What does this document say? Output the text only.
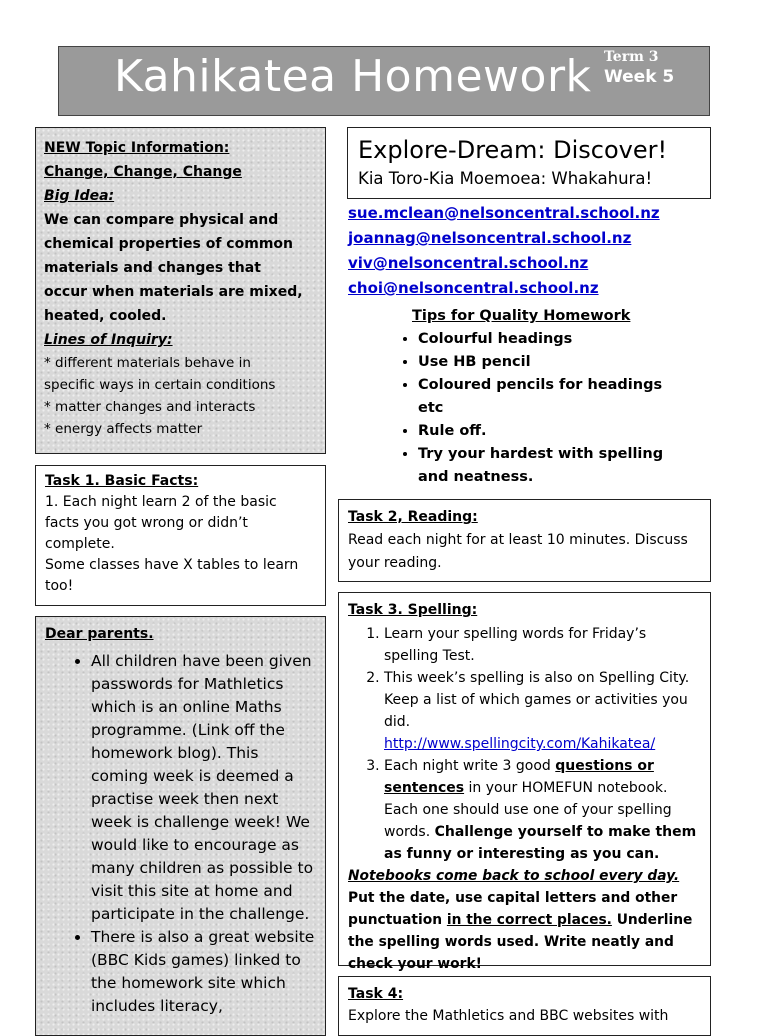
Kahikatea Homework Term 3
Week 5
NEW Topic Information:
Change, Change, Change
Big Idea:
We can compare physical and
chemical properties of common
materials and changes that
occur when materials are mixed,
heated, cooled.
Lines of Inquiry:
* different materials behave in
specific ways in certain conditions
* matter changes and interacts
* energy affects matter
Task 1. Basic Facts:
1. Each night learn 2 of the basic
facts you got wrong or didn’t
complete.
Some classes have X tables to learn
too!
Dear parents.
• All children have been given passwords for Mathletics which is an online Maths programme. (Link off the homework blog). This coming week is deemed a practise week then next week is challenge week! We would like to encourage as many children as possible to visit this site at home and participate in the challenge.
• There is also a great website (BBC Kids games) linked to the homework site which includes literacy,
Explore-Dream: Discover!
Kia Toro-Kia Moemoea: Whakahura!
sue.mclean@nelsoncentral.school.nz
joannag@nelsoncentral.school.nz
viv@nelsoncentral.school.nz
choi@nelsoncentral.school.nz
Tips for Quality Homework
• Colourful headings
• Use HB pencil
• Coloured pencils for headings etc
• Rule off.
• Try your hardest with spelling and neatness.
Task 2, Reading:
Read each night for at least 10 minutes. Discuss your reading.
Task 3. Spelling:
1. Learn your spelling words for Friday’s spelling Test.
2. This week’s spelling is also on Spelling City. Keep a list of which games or activities you did.
http://www.spellingcity.com/Kahikatea/
3. Each night write 3 good questions or sentences in your HOMEFUN notebook. Each one should use one of your spelling words. Challenge yourself to make them as funny or interesting as you can.
Notebooks come back to school every day. Put the date, use capital letters and other punctuation in the correct places. Underline the spelling words used. Write neatly and check your work!
Task 4:
Explore the Mathletics and BBC websites with
